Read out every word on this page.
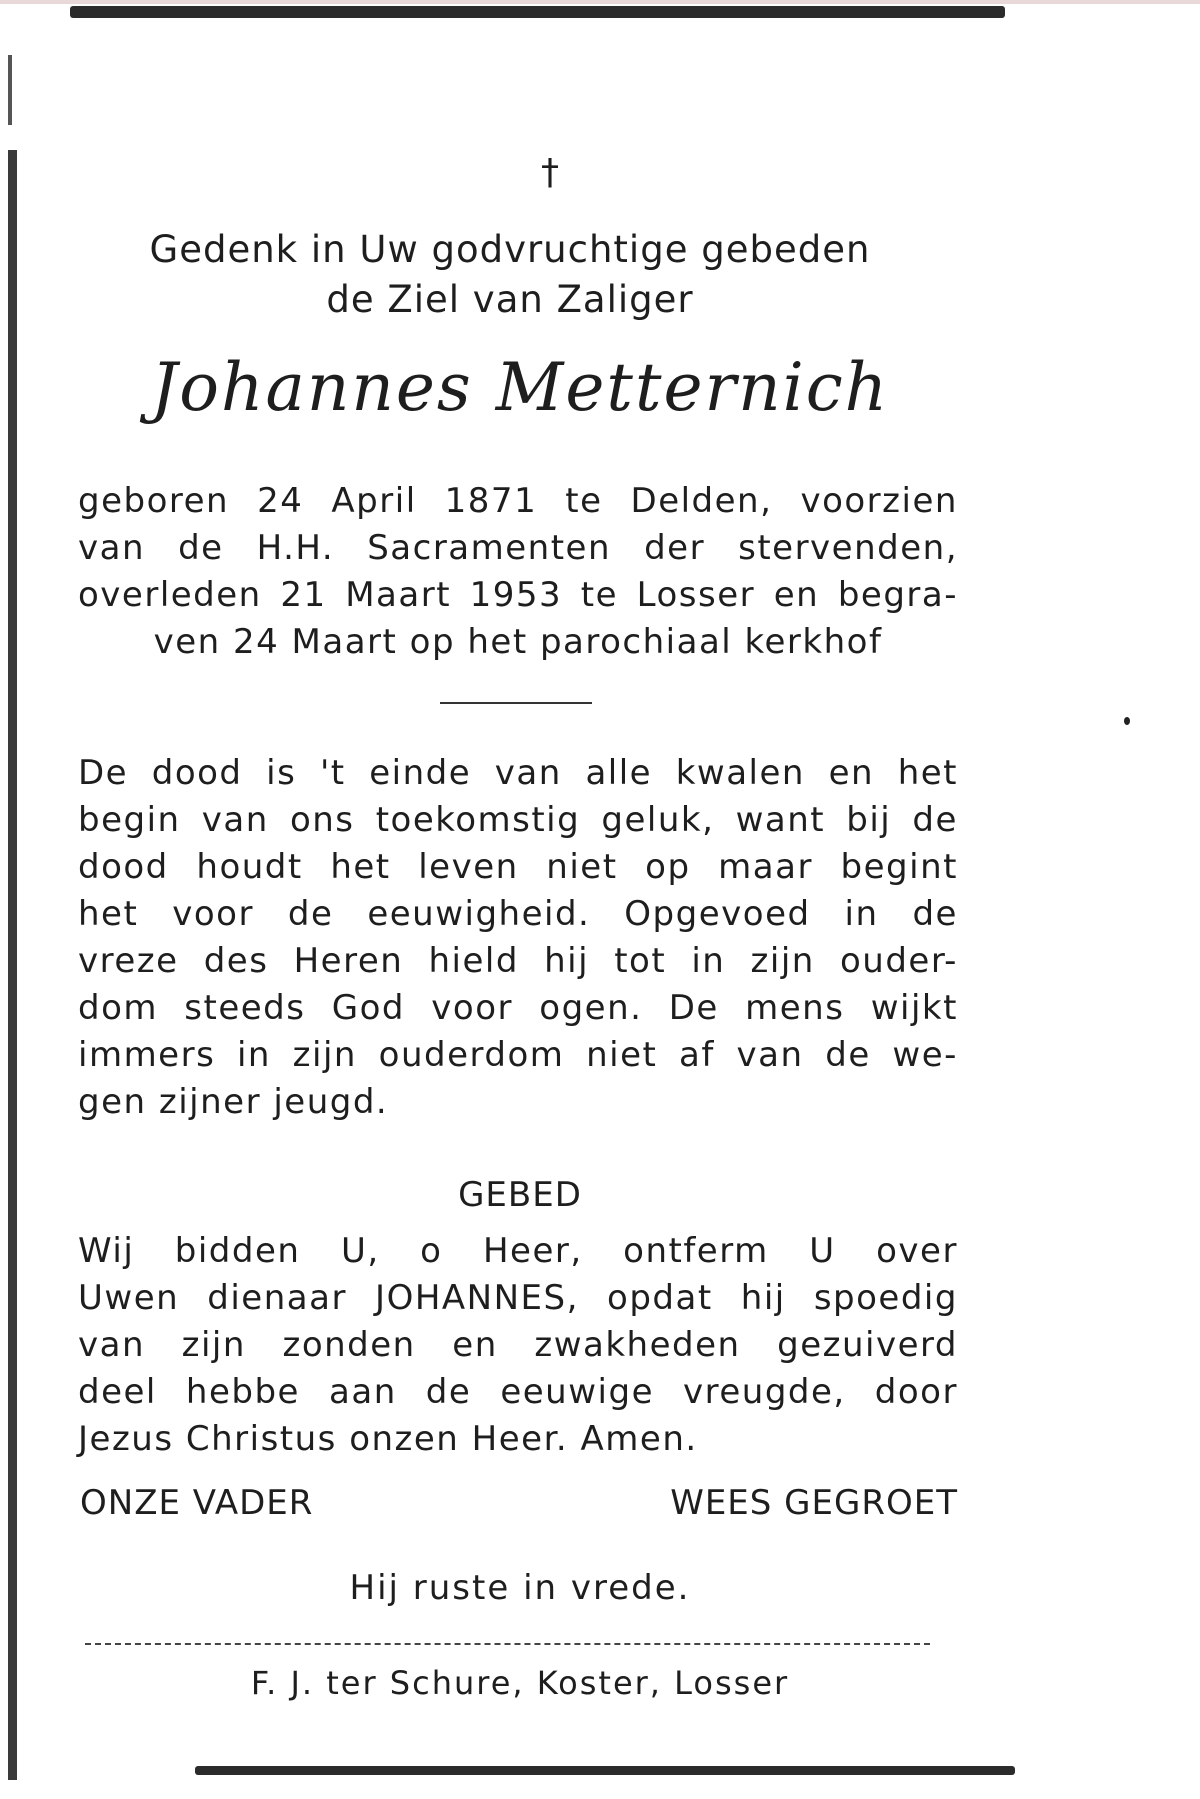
†
Gedenk in Uw godvruchtige gebeden
de Ziel van Zaliger
Johannes Metternich
geboren 24 April 1871 te Delden, voorzien
van de H.H. Sacramenten der stervenden,
overleden 21 Maart 1953 te Losser en begra-
ven 24 Maart op het parochiaal kerkhof
De dood is 't einde van alle kwalen en het
begin van ons toekomstig geluk, want bij de
dood houdt het leven niet op maar begint
het voor de eeuwigheid. Opgevoed in de
vreze des Heren hield hij tot in zijn ouder-
dom steeds God voor ogen. De mens wijkt
immers in zijn ouderdom niet af van de we-
gen zijner jeugd.
GEBED
Wij bidden U, o Heer, ontferm U over
Uwen dienaar JOHANNES, opdat hij spoedig
van zijn zonden en zwakheden gezuiverd
deel hebbe aan de eeuwige vreugde, door
Jezus Christus onzen Heer. Amen.
ONZE VADER	WEES GEGROET
Hij ruste in vrede.
F. J. ter Schure, Koster, Losser
